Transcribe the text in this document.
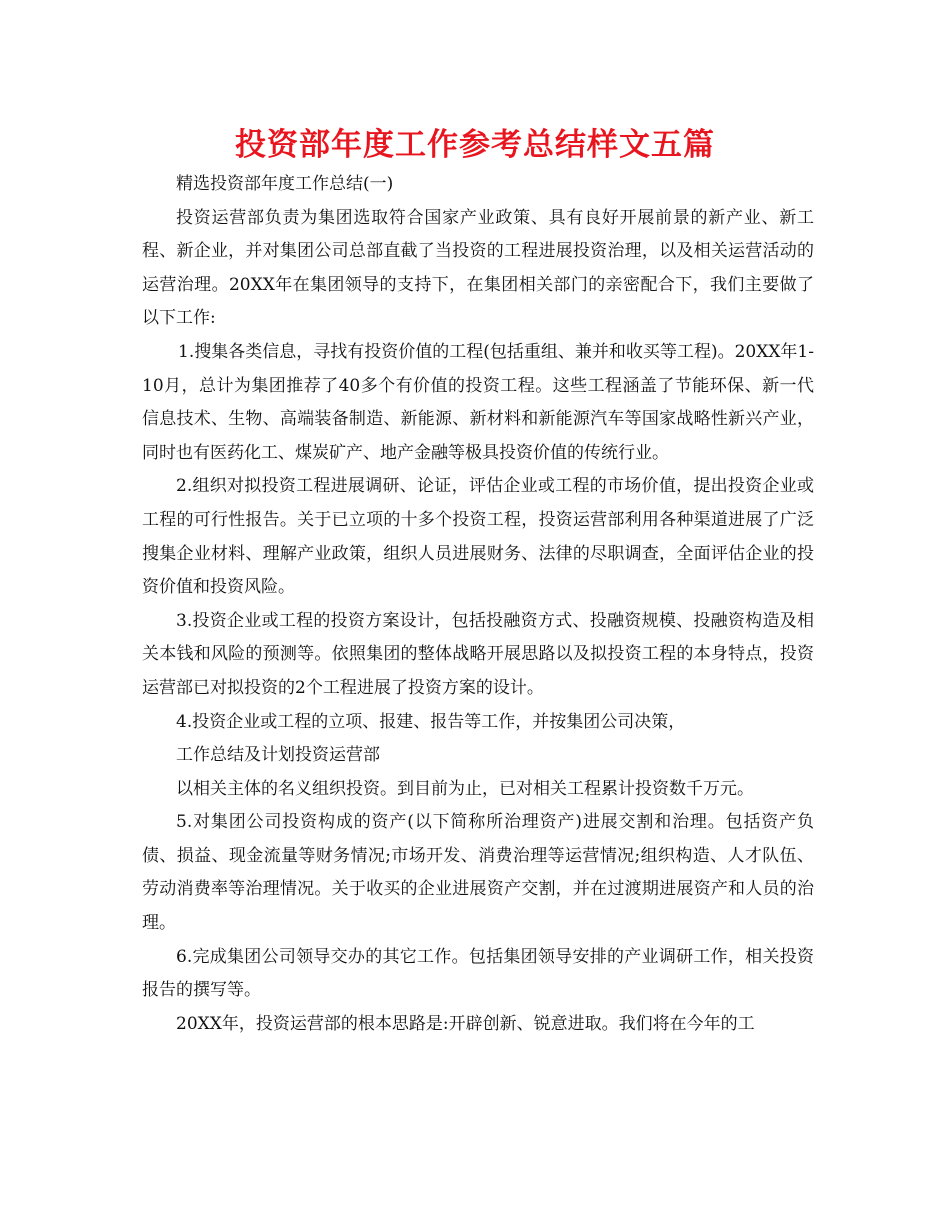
投资部年度工作参考总结样文五篇

精选投资部年度工作总结(一)

投资运营部负责为集团选取符合国家产业政策、具有良好开展前景的新产业、新工程、新企业，并对集团公司总部直截了当投资的工程进展投资治理，以及相关运营活动的运营治理。20XX年在集团领导的支持下，在集团相关部门的亲密配合下，我们主要做了以下工作:

1.搜集各类信息，寻找有投资价值的工程(包括重组、兼并和收买等工程)。20XX年1-10月，总计为集团推荐了40多个有价值的投资工程。这些工程涵盖了节能环保、新一代信息技术、生物、高端装备制造、新能源、新材料和新能源汽车等国家战略性新兴产业，同时也有医药化工、煤炭矿产、地产金融等极具投资价值的传统行业。

2.组织对拟投资工程进展调研、论证，评估企业或工程的市场价值，提出投资企业或工程的可行性报告。关于已立项的十多个投资工程，投资运营部利用各种渠道进展了广泛搜集企业材料、理解产业政策，组织人员进展财务、法律的尽职调查，全面评估企业的投资价值和投资风险。

3.投资企业或工程的投资方案设计，包括投融资方式、投融资规模、投融资构造及相关本钱和风险的预测等。依照集团的整体战略开展思路以及拟投资工程的本身特点，投资运营部已对拟投资的2个工程进展了投资方案的设计。

4.投资企业或工程的立项、报建、报告等工作，并按集团公司决策，

工作总结及计划投资运营部

以相关主体的名义组织投资。到目前为止，已对相关工程累计投资数千万元。

5.对集团公司投资构成的资产(以下简称所治理资产)进展交割和治理。包括资产负债、损益、现金流量等财务情况;市场开发、消费治理等运营情况;组织构造、人才队伍、劳动消费率等治理情况。关于收买的企业进展资产交割，并在过渡期进展资产和人员的治理。

6.完成集团公司领导交办的其它工作。包括集团领导安排的产业调研工作，相关投资报告的撰写等。

20XX年，投资运营部的根本思路是:开辟创新、锐意进取。我们将在今年的工
